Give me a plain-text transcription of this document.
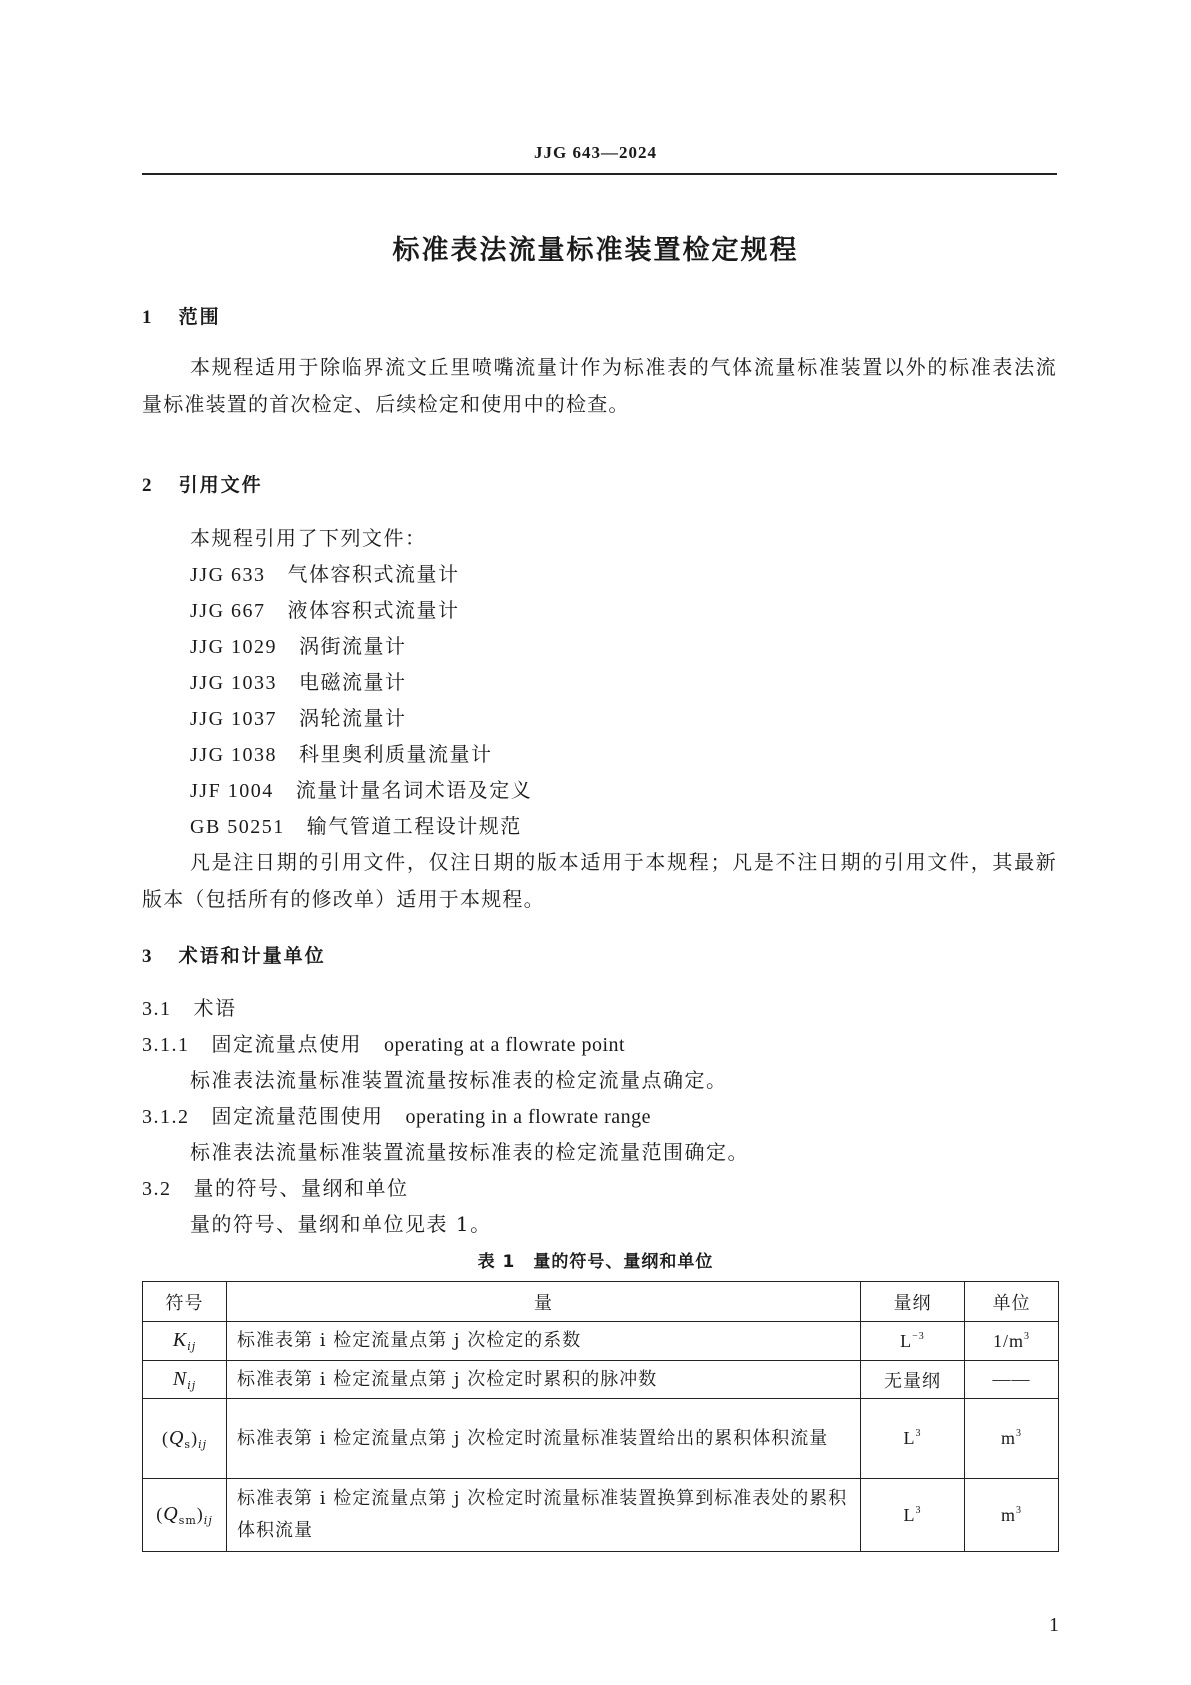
JJG 643—2024
标准表法流量标准装置检定规程
1 范围
本规程适用于除临界流文丘里喷嘴流量计作为标准表的气体流量标准装置以外的标准表法流量标准装置的首次检定、后续检定和使用中的检查。
2 引用文件
本规程引用了下列文件：
JJG 633 气体容积式流量计
JJG 667 液体容积式流量计
JJG 1029 涡街流量计
JJG 1033 电磁流量计
JJG 1037 涡轮流量计
JJG 1038 科里奥利质量流量计
JJF 1004 流量计量名词术语及定义
GB 50251 输气管道工程设计规范
凡是注日期的引用文件，仅注日期的版本适用于本规程；凡是不注日期的引用文件，其最新版本（包括所有的修改单）适用于本规程。
3 术语和计量单位
3.1 术语
3.1.1 固定流量点使用 operating at a flowrate point
标准表法流量标准装置流量按标准表的检定流量点确定。
3.1.2 固定流量范围使用 operating in a flowrate range
标准表法流量标准装置流量按标准表的检定流量范围确定。
3.2 量的符号、量纲和单位
量的符号、量纲和单位见表 1。
表 1　量的符号、量纲和单位
符号	量	量纲	单位
$K_{ij}$	标准表第 i 检定流量点第 j 次检定的系数	$L^{-3}$	$1/m^3$
$N_{ij}$	标准表第 i 检定流量点第 j 次检定时累积的脉冲数	无量纲	——
$(Q_s)_{ij}$	标准表第 i 检定流量点第 j 次检定时流量标准装置给出的累积体积流量	$L^3$	$m^3$
$(Q_{sm})_{ij}$	标准表第 i 检定流量点第 j 次检定时流量标准装置换算到标准表处的累积体积流量	$L^3$	$m^3$
1
